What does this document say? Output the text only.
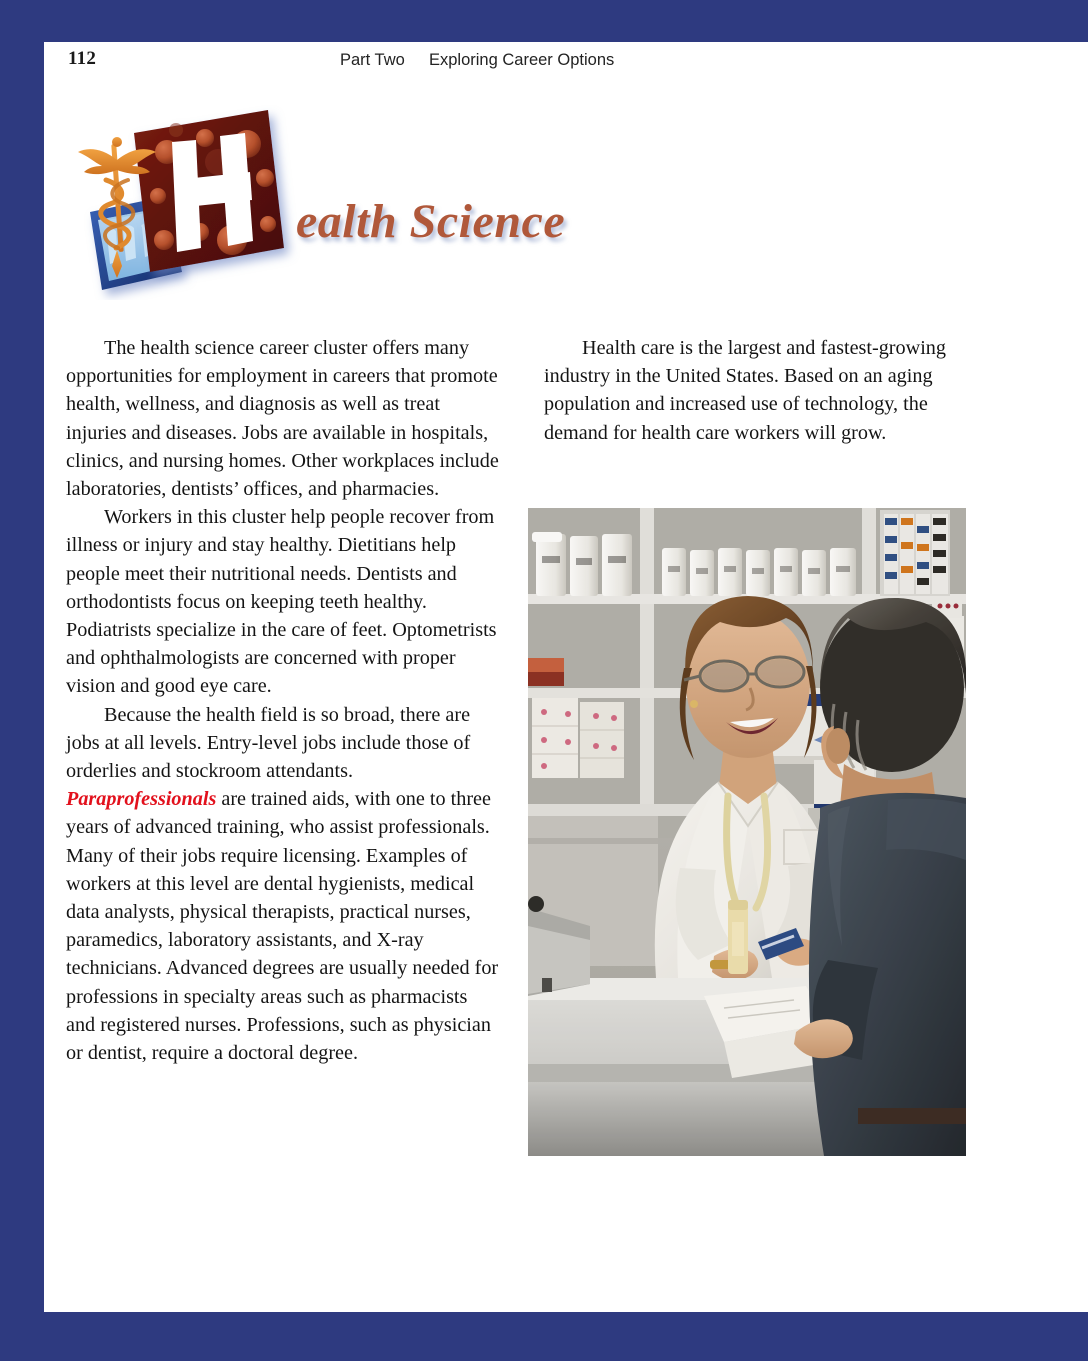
112	Part Two Exploring Career Options
ealth Science

The health science career cluster offers many opportunities for employment in careers that promote health, wellness, and diagnosis as well as treat injuries and diseases. Jobs are available in hospitals, clinics, and nursing homes. Other workplaces include laboratories, dentists’ offices, and pharmacies.

Workers in this cluster help people recover from illness or injury and stay healthy. Dietitians help people meet their nutritional needs. Dentists and orthodontists focus on keeping teeth healthy. Podiatrists specialize in the care of feet. Optometrists and ophthalmologists are concerned with proper vision and good eye care.

Because the health field is so broad, there are jobs at all levels. Entry-level jobs include those of orderlies and stockroom attendants. Paraprofessionals are trained aids, with one to three years of advanced training, who assist professionals. Many of their jobs require licensing. Examples of workers at this level are dental hygienists, medical data analysts, physical therapists, practical nurses, paramedics, laboratory assistants, and X-ray technicians. Advanced degrees are usually needed for professions in specialty areas such as pharmacists and registered nurses. Professions, such as physician or dentist, require a doctoral degree.

Health care is the largest and fastest-growing industry in the United States. Based on an aging population and increased use of technology, the demand for health care workers will grow.
